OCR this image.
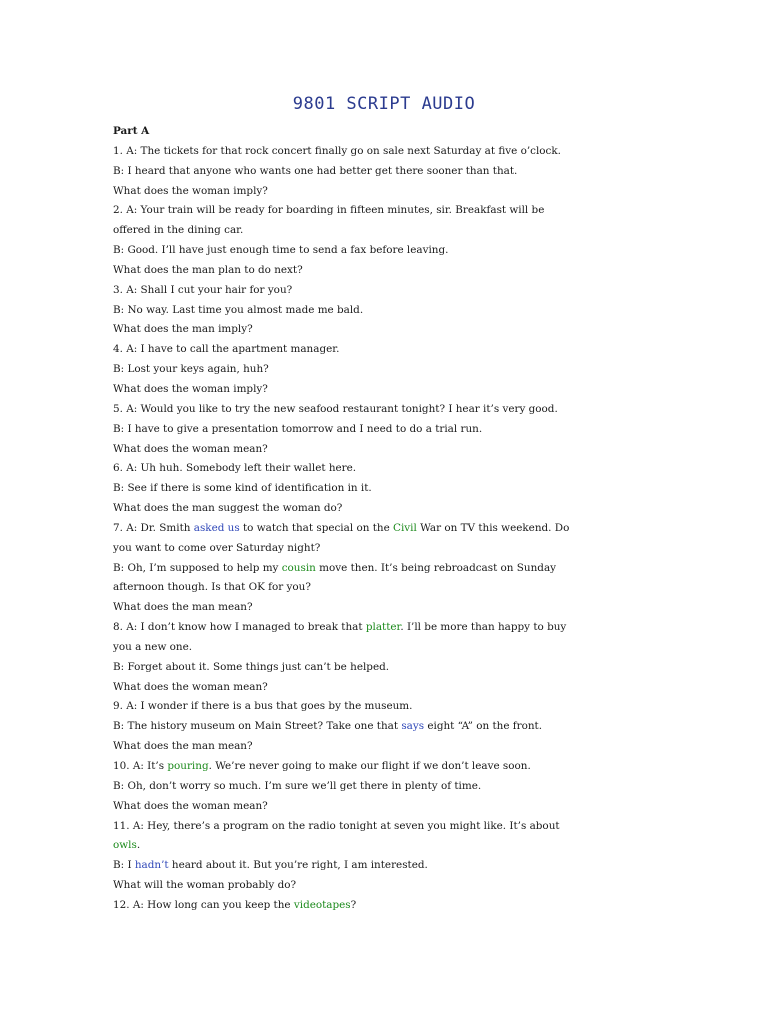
9801 SCRIPT AUDIO
Part A
1. A: The tickets for that rock concert finally go on sale next Saturday at five o’clock.
B: I heard that anyone who wants one had better get there sooner than that.
What does the woman imply?
2. A: Your train will be ready for boarding in fifteen minutes, sir. Breakfast will be
offered in the dining car.
B: Good. I’ll have just enough time to send a fax before leaving.
What does the man plan to do next?
3. A: Shall I cut your hair for you?
B: No way. Last time you almost made me bald.
What does the man imply?
4. A: I have to call the apartment manager.
B: Lost your keys again, huh?
What does the woman imply?
5. A: Would you like to try the new seafood restaurant tonight? I hear it’s very good.
B: I have to give a presentation tomorrow and I need to do a trial run.
What does the woman mean?
6. A: Uh huh. Somebody left their wallet here.
B: See if there is some kind of identification in it.
What does the man suggest the woman do?
7. A: Dr. Smith asked us to watch that special on the Civil War on TV this weekend. Do
you want to come over Saturday night?
B: Oh, I’m supposed to help my cousin move then. It’s being rebroadcast on Sunday
afternoon though. Is that OK for you?
What does the man mean?
8. A: I don’t know how I managed to break that platter. I’ll be more than happy to buy
you a new one.
B: Forget about it. Some things just can’t be helped.
What does the woman mean?
9. A: I wonder if there is a bus that goes by the museum.
B: The history museum on Main Street? Take one that says eight “A” on the front.
What does the man mean?
10. A: It’s pouring. We’re never going to make our flight if we don’t leave soon.
B: Oh, don’t worry so much. I’m sure we’ll get there in plenty of time.
What does the woman mean?
11. A: Hey, there’s a program on the radio tonight at seven you might like. It’s about
owls.
B: I hadn’t heard about it. But you’re right, I am interested.
What will the woman probably do?
12. A: How long can you keep the videotapes?
